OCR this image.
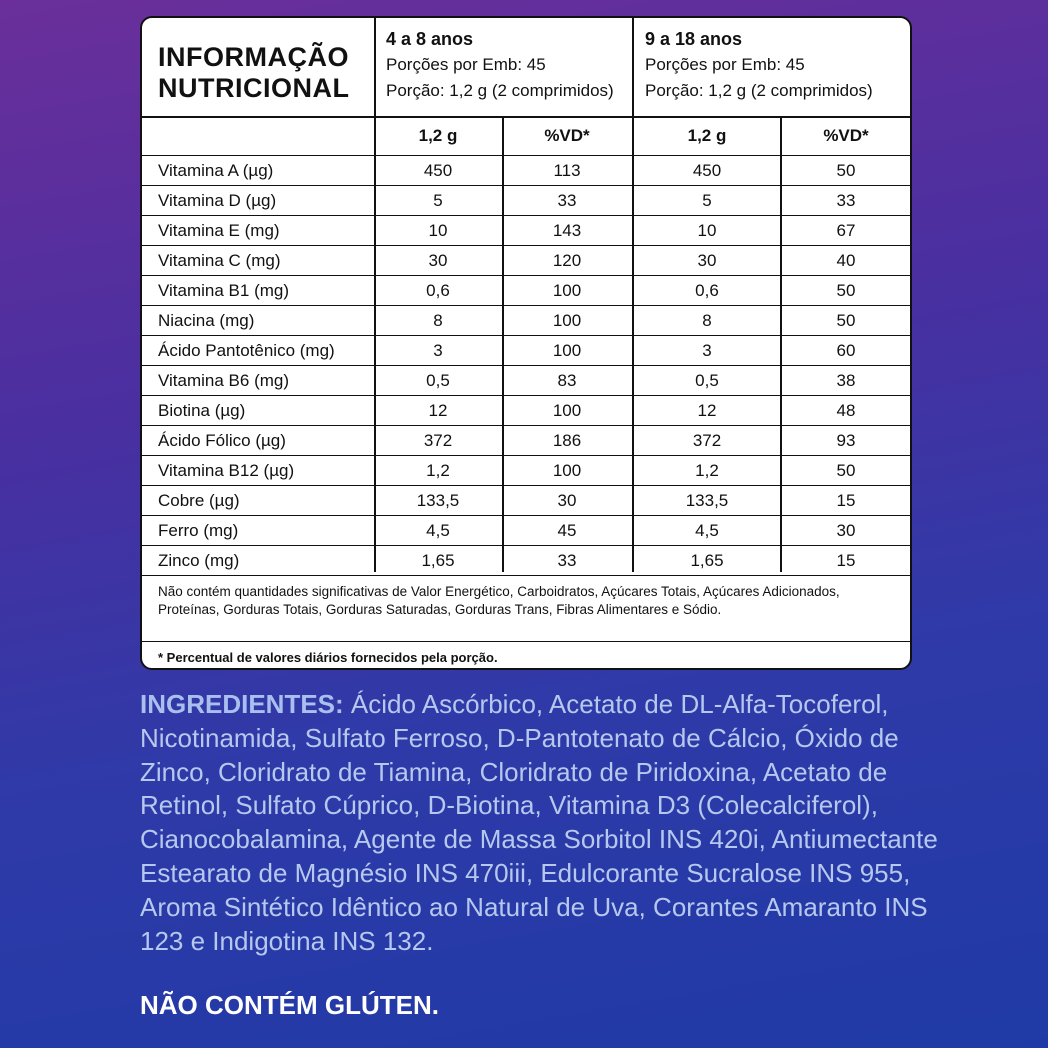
INFORMAÇÃO
NUTRICIONAL
4 a 8 anos
Porções por Emb: 45
Porção: 1,2 g (2 comprimidos)
9 a 18 anos
Porções por Emb: 45
Porção: 1,2 g (2 comprimidos)
1,2 g	%VD*	1,2 g	%VD*
Vitamina A (µg)	450	113	450	50
Vitamina D (µg)	5	33	5	33
Vitamina E (mg)	10	143	10	67
Vitamina C (mg)	30	120	30	40
Vitamina B1 (mg)	0,6	100	0,6	50
Niacina (mg)	8	100	8	50
Ácido Pantotênico (mg)	3	100	3	60
Vitamina B6 (mg)	0,5	83	0,5	38
Biotina (µg)	12	100	12	48
Ácido Fólico (µg)	372	186	372	93
Vitamina B12 (µg)	1,2	100	1,2	50
Cobre (µg)	133,5	30	133,5	15
Ferro (mg)	4,5	45	4,5	30
Zinco (mg)	1,65	33	1,65	15
Não contém quantidades significativas de Valor Energético, Carboidratos, Açúcares Totais, Açúcares Adicionados, Proteínas, Gorduras Totais, Gorduras Saturadas, Gorduras Trans, Fibras Alimentares e Sódio.
* Percentual de valores diários fornecidos pela porção.
INGREDIENTES: Ácido Ascórbico, Acetato de DL-Alfa-Tocoferol, Nicotinamida, Sulfato Ferroso, D-Pantotenato de Cálcio, Óxido de Zinco, Cloridrato de Tiamina, Cloridrato de Piridoxina, Acetato de Retinol, Sulfato Cúprico, D-Biotina, Vitamina D3 (Colecalciferol), Cianocobalamina, Agente de Massa Sorbitol INS 420i, Antiumectante Estearato de Magnésio INS 470iii, Edulcorante Sucralose INS 955, Aroma Sintético Idêntico ao Natural de Uva, Corantes Amaranto INS 123 e Indigotina INS 132.
NÃO CONTÉM GLÚTEN.
